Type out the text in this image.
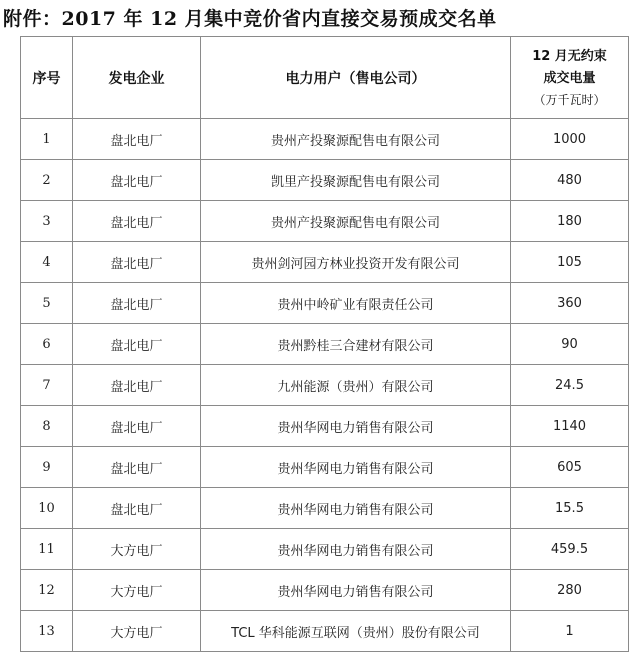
附件：2017 年 12 月集中竞价省内直接交易预成交名单
序号	发电企业	电力用户（售电公司）	12 月无约束
成交电量
（万千瓦时）

1	盘北电厂	贵州产投聚源配售电有限公司	1000
2	盘北电厂	凯里产投聚源配售电有限公司	480
3	盘北电厂	贵州产投聚源配售电有限公司	180
4	盘北电厂	贵州剑河园方林业投资开发有限公司	105
5	盘北电厂	贵州中岭矿业有限责任公司	360
6	盘北电厂	贵州黔桂三合建材有限公司	90
7	盘北电厂	九州能源（贵州）有限公司	24.5
8	盘北电厂	贵州华网电力销售有限公司	1140
9	盘北电厂	贵州华网电力销售有限公司	605
10	盘北电厂	贵州华网电力销售有限公司	15.5
11	大方电厂	贵州华网电力销售有限公司	459.5
12	大方电厂	贵州华网电力销售有限公司	280
13	大方电厂	TCL 华科能源互联网（贵州）股份有限公司	1
